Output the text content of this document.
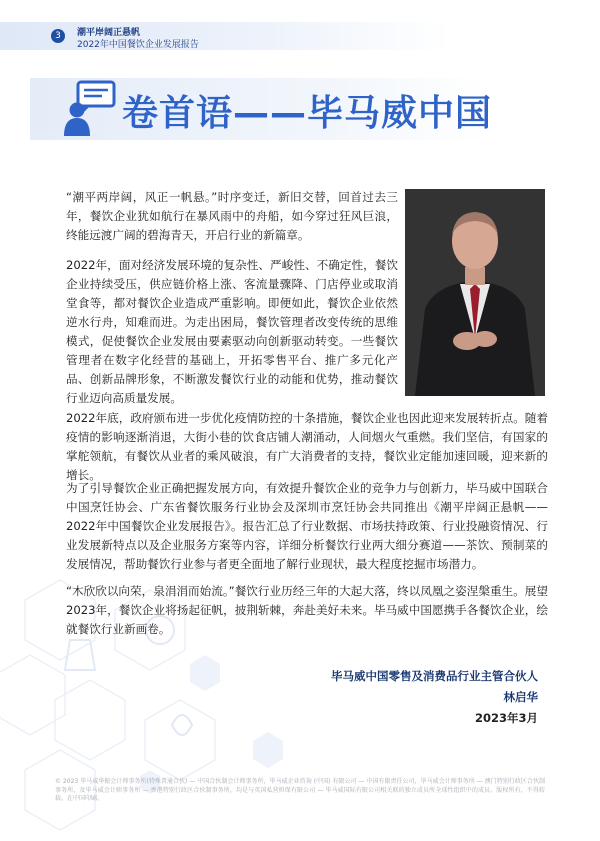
3	潮平岸阔正悬帆
2022年中国餐饮企业发展报告
卷首语——毕马威中国
“潮平两岸阔，风正一帆悬。”时序变迁，新旧交替，回首过去三年，餐饮企业犹如航行在暴风雨中的舟船，如今穿过狂风巨浪，终能远渡广阔的碧海青天，开启行业的新篇章。
2022年，面对经济发展环境的复杂性、严峻性、不确定性，餐饮企业持续受压，供应链价格上涨、客流量骤降、门店停业或取消堂食等，都对餐饮企业造成严重影响。即便如此，餐饮企业依然逆水行舟，知难而进。为走出困局，餐饮管理者改变传统的思维模式，促使餐饮企业发展由要素驱动向创新驱动转变。一些餐饮管理者在数字化经营的基础上，开拓零售平台、推广多元化产品、创新品牌形象，不断激发餐饮行业的动能和优势，推动餐饮行业迈向高质量发展。
2022年底，政府颁布进一步优化疫情防控的十条措施，餐饮企业也因此迎来发展转折点。随着疫情的影响逐渐消退，大街小巷的饮食店铺人潮涌动，人间烟火气重燃。我们坚信，有国家的掌舵领航，有餐饮从业者的乘风破浪，有广大消费者的支持，餐饮业定能加速回暖，迎来新的增长。
为了引导餐饮企业正确把握发展方向，有效提升餐饮企业的竞争力与创新力，毕马威中国联合中国烹饪协会、广东省餐饮服务行业协会及深圳市烹饪协会共同推出《潮平岸阔正悬帆——2022年中国餐饮企业发展报告》。报告汇总了行业数据、市场扶持政策、行业投融资情况、行业发展新特点以及企业服务方案等内容，详细分析餐饮行业两大细分赛道——茶饮、预制菜的发展情况，帮助餐饮行业参与者更全面地了解行业现状，最大程度挖掘市场潜力。
“木欣欣以向荣，泉涓涓而始流。”餐饮行业历经三年的大起大落，终以凤凰之姿涅槃重生。展望2023年，餐饮企业将扬起征帆，披荆斩棘，奔赴美好未来。毕马威中国愿携手各餐饮企业，绘就餐饮行业新画卷。
毕马威中国零售及消费品行业主管合伙人
林启华
2023年3月
© 2023 毕马威华振会计师事务所(特殊普通合伙) — 中国合伙制会计师事务所，毕马威企业咨询 (中国) 有限公司 — 中国有限责任公司，毕马威会计师事务所 — 澳门特别行政区合伙制事务所，及毕马威会计师事务所 — 香港特别行政区合伙制事务所，均是与英国私营担保有限公司 — 毕马威国际有限公司相关联的独立成员所全球性组织中的成员。版权所有，不得转载。在中国印刷。
